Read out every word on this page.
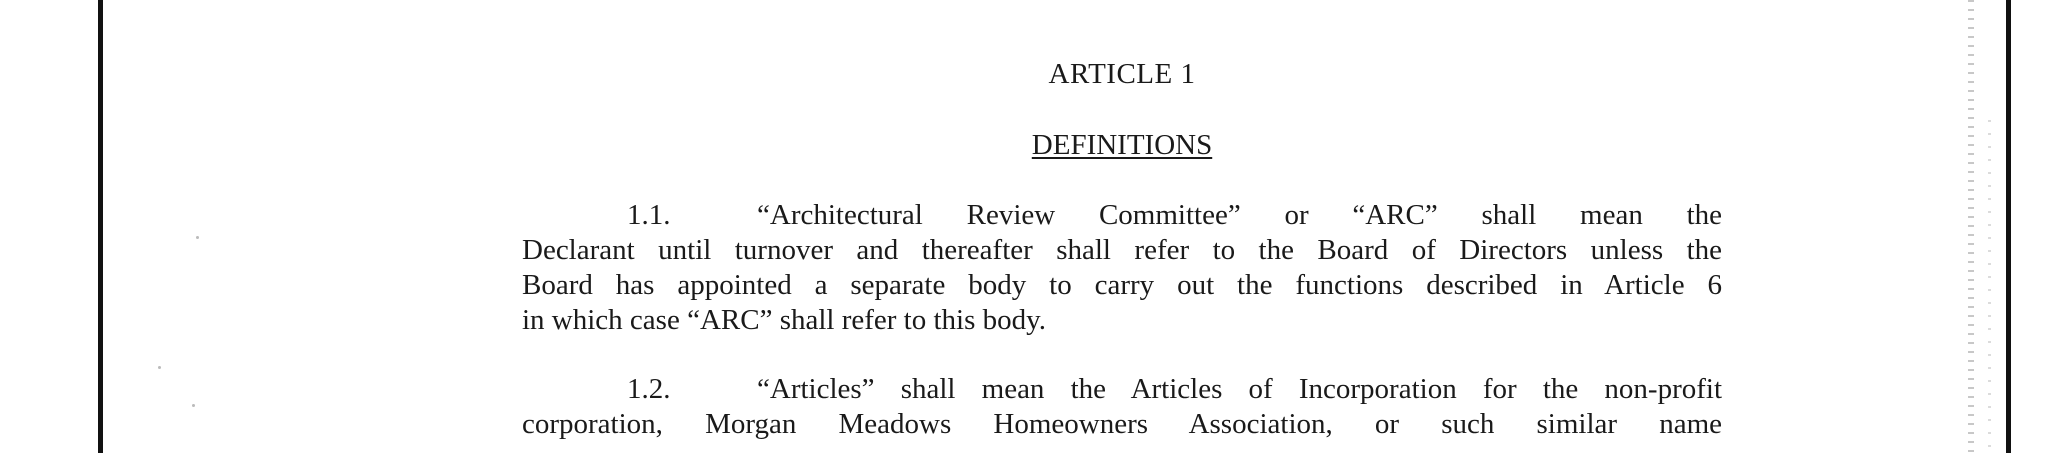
ARTICLE 1
DEFINITIONS
1.1.	“Architectural Review Committee” or “ARC” shall mean the
Declarant until turnover and thereafter shall refer to the Board of Directors unless the
Board has appointed a separate body to carry out the functions described in Article 6
in which case “ARC” shall refer to this body.
1.2.	“Articles” shall mean the Articles of Incorporation for the non-profit
corporation, Morgan Meadows Homeowners Association, or such similar name
